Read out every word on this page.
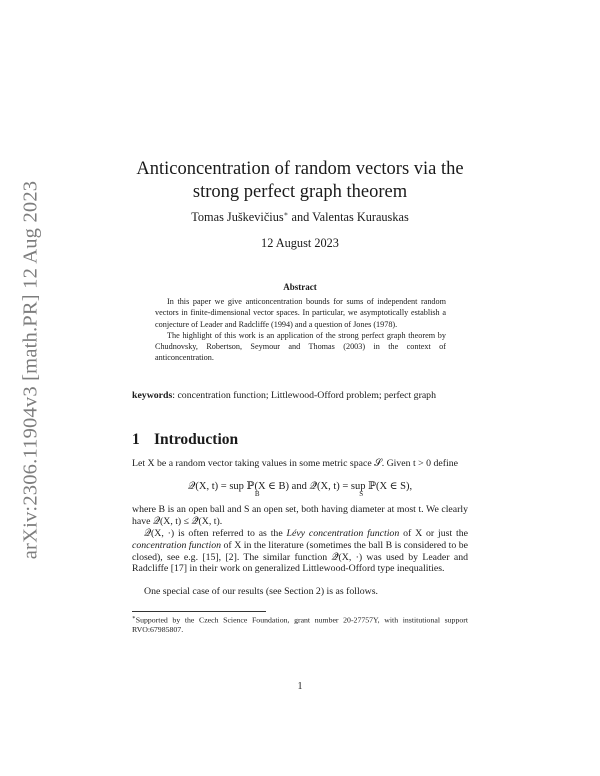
arXiv:2306.11904v3 [math.PR] 12 Aug 2023
Anticoncentration of random vectors via the
strong perfect graph theorem
Tomas Juškevičius∗ and Valentas Kurauskas
12 August 2023
Abstract

In this paper we give anticoncentration bounds for sums of independent random vectors in finite-dimensional vector spaces. In particular, we asymptotically establish a conjecture of Leader and Radcliffe (1994) and a question of Jones (1978).

The highlight of this work is an application of the strong perfect graph theorem by Chudnovsky, Robertson, Seymour and Thomas (2003) in the context of anticoncentration.

keywords: concentration function; Littlewood-Offord problem; perfect graph
1 Introduction

Let X be a random vector taking values in some metric space 𝒮. Given t > 0 define

𝒬(X, t) = sup ℙ(X ∈ B) and 𝒬̃(X, t) = sup ℙ(X ∈ S),
B	S

where B is an open ball and S an open set, both having diameter at most t. We clearly have 𝒬(X, t) ≤ 𝒬̃(X, t).

𝒬(X, ·) is often referred to as the Lévy concentration function of X or just the concentration function of X in the literature (sometimes the ball B is considered to be closed), see e.g. [15], [2]. The similar function 𝒬̃(X, ·) was used by Leader and Radcliffe [17] in their work on generalized Littlewood-Offord type inequalities.

One special case of our results (see Section 2) is as follows.

∗Supported by the Czech Science Foundation, grant number 20-27757Y, with institutional support RVO:67985807.
1
